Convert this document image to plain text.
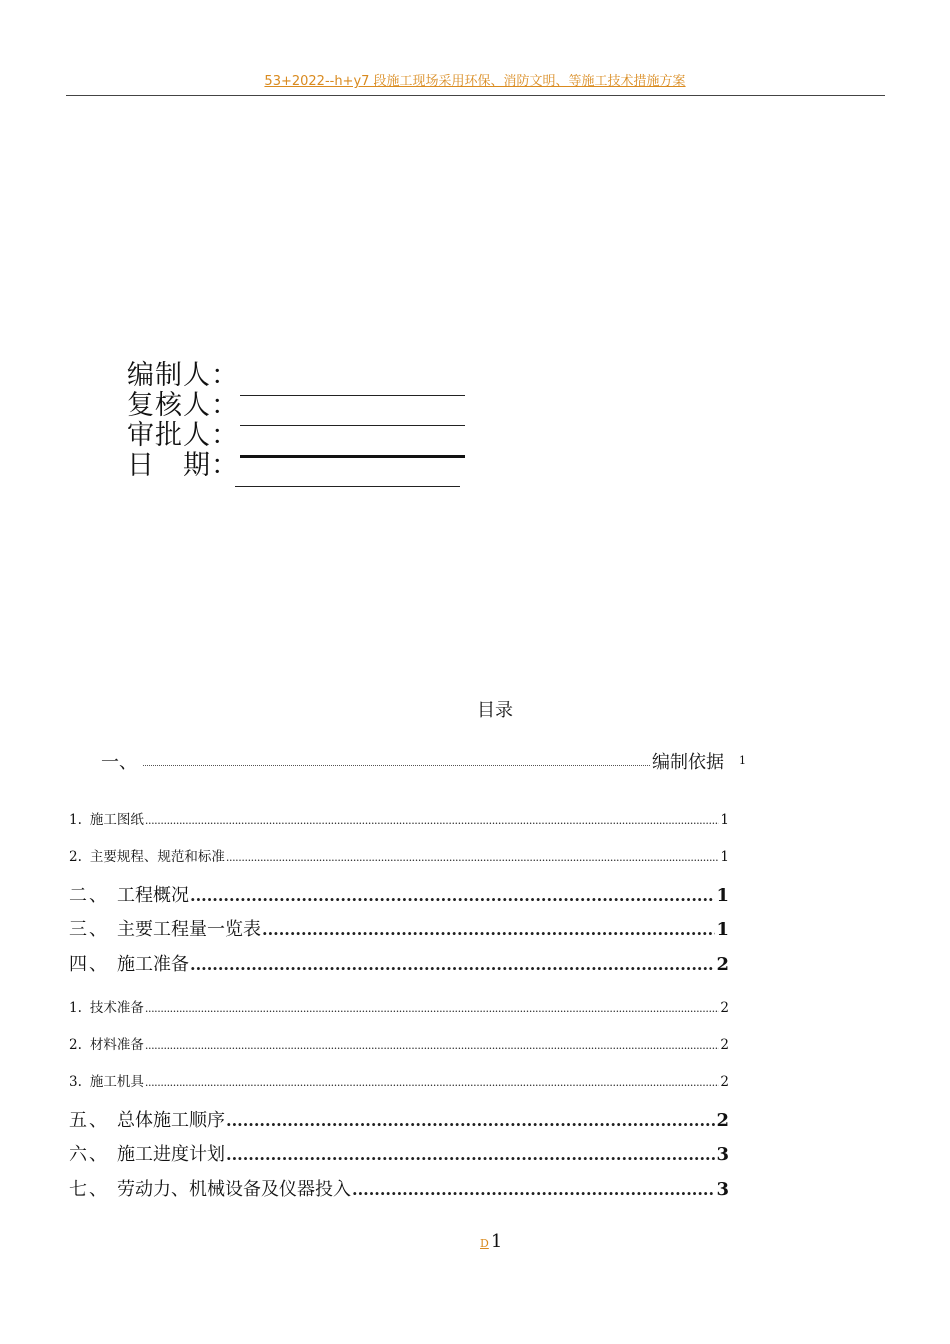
53+2022--h+y7 段施工现场采用环保、消防文明、等施工技术措施方案
编制人：
复核人：
审批人：
日　期：
目录
一、	编制依据 1
1. 施工图纸 .....	1
2. 主要规程、规范和标准 .....	1
二、 工程概况 .....	1
三、 主要工程量一览表 .....	1
四、 施工准备 .....	2
1. 技术准备 .....	2
2. 材料准备 .....	2
3. 施工机具 .....	2
五、 总体施工顺序 .....	2
六、 施工进度计划 .....	3
七、 劳动力、机械设备及仪器投入 .....	3
D 1
